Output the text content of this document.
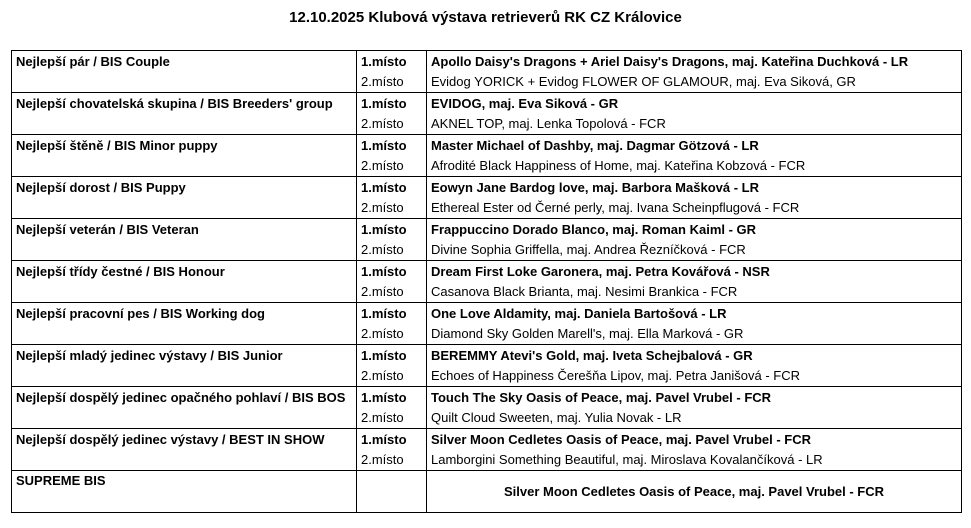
12.10.2025 Klubová výstava retrieverů RK CZ Královice
Nejlepší pár / BIS Couple	1.místo	Apollo Daisy's Dragons + Ariel Daisy's Dragons, maj. Kateřina Duchková - LR
	2.místo	Evidog YORICK + Evidog FLOWER OF GLAMOUR, maj. Eva Siková, GR
Nejlepší chovatelská skupina / BIS Breeders' group	1.místo	EVIDOG, maj. Eva Siková - GR
	2.místo	AKNEL TOP, maj. Lenka Topolová - FCR
Nejlepší štěně / BIS Minor puppy	1.místo	Master Michael of Dashby, maj. Dagmar Götzová - LR
	2.místo	Afrodité Black Happiness of Home, maj. Kateřina Kobzová - FCR
Nejlepší dorost / BIS Puppy	1.místo	Eowyn Jane Bardog love, maj. Barbora Mašková - LR
	2.místo	Ethereal Ester od Černé perly, maj. Ivana Scheinpflugová - FCR
Nejlepší veterán / BIS Veteran	1.místo	Frappuccino Dorado Blanco, maj. Roman Kaiml - GR
	2.místo	Divine Sophia Griffella, maj. Andrea Řezníčková - FCR
Nejlepší třídy čestné / BIS Honour	1.místo	Dream First Loke Garonera, maj. Petra Kovářová - NSR
	2.místo	Casanova Black Brianta, maj. Nesimi Brankica - FCR
Nejlepší pracovní pes / BIS Working dog	1.místo	One Love Aldamity, maj. Daniela Bartošová - LR
	2.místo	Diamond Sky Golden Marell's, maj. Ella Marková - GR
Nejlepší mladý jedinec výstavy / BIS Junior	1.místo	BEREMMY Atevi's Gold, maj. Iveta Schejbalová - GR
	2.místo	Echoes of Happiness Čerešňa Lipov, maj. Petra Janišová - FCR
Nejlepší dospělý jedinec opačného pohlaví / BIS BOS	1.místo	Touch The Sky Oasis of Peace, maj. Pavel Vrubel - FCR
	2.místo	Quilt Cloud Sweeten, maj. Yulia Novak - LR
Nejlepší dospělý jedinec výstavy / BEST IN SHOW	1.místo	Silver Moon Cedletes Oasis of Peace, maj. Pavel Vrubel - FCR
	2.místo	Lamborgini Something Beautiful, maj. Miroslava Kovalančíková - LR
SUPREME BIS		Silver Moon Cedletes Oasis of Peace, maj. Pavel Vrubel - FCR
